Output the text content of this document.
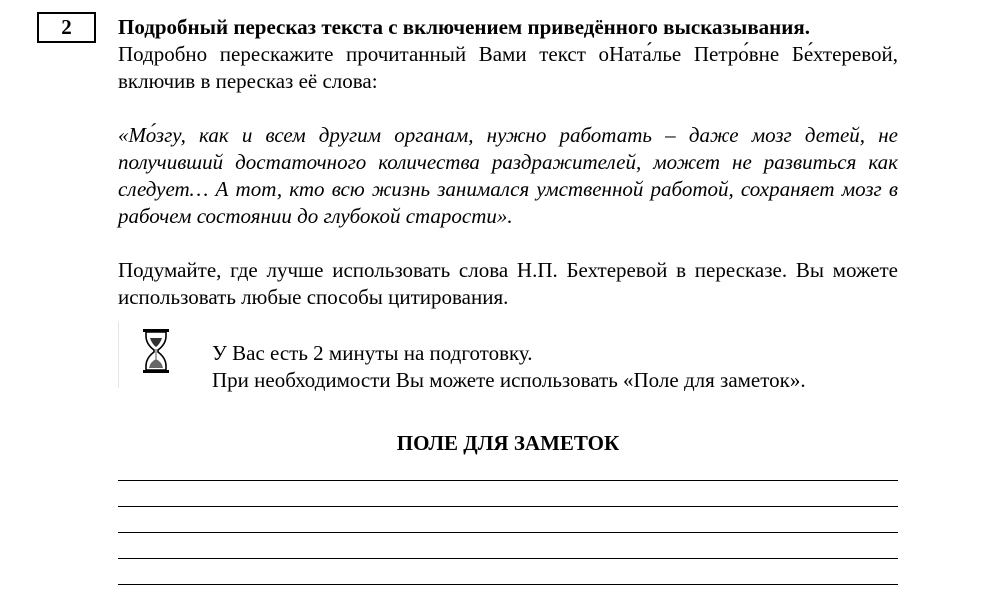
2 Подробный пересказ текста с включением приведённого высказывания.

Подробно перескажите прочитанный Вами текст оНата́лье Петро́вне Бе́хтеревой, включив в пересказ её слова:

«Мо́згу, как и всем другим органам, нужно работать – даже мозг детей, не получивший достаточного количества раздражителей, может не развиться как следует… А тот, кто всю жизнь занимался умственной работой, сохраняет мозг в рабочем состоянии до глубокой старости».

Подумайте, где лучше использовать слова Н.П. Бехтеревой в пересказе. Вы можете использовать любые способы цитирования.

У Вас есть 2 минуты на подготовку.
При необходимости Вы можете использовать «Поле для заметок».
ПОЛЕ ДЛЯ ЗАМЕТОК
